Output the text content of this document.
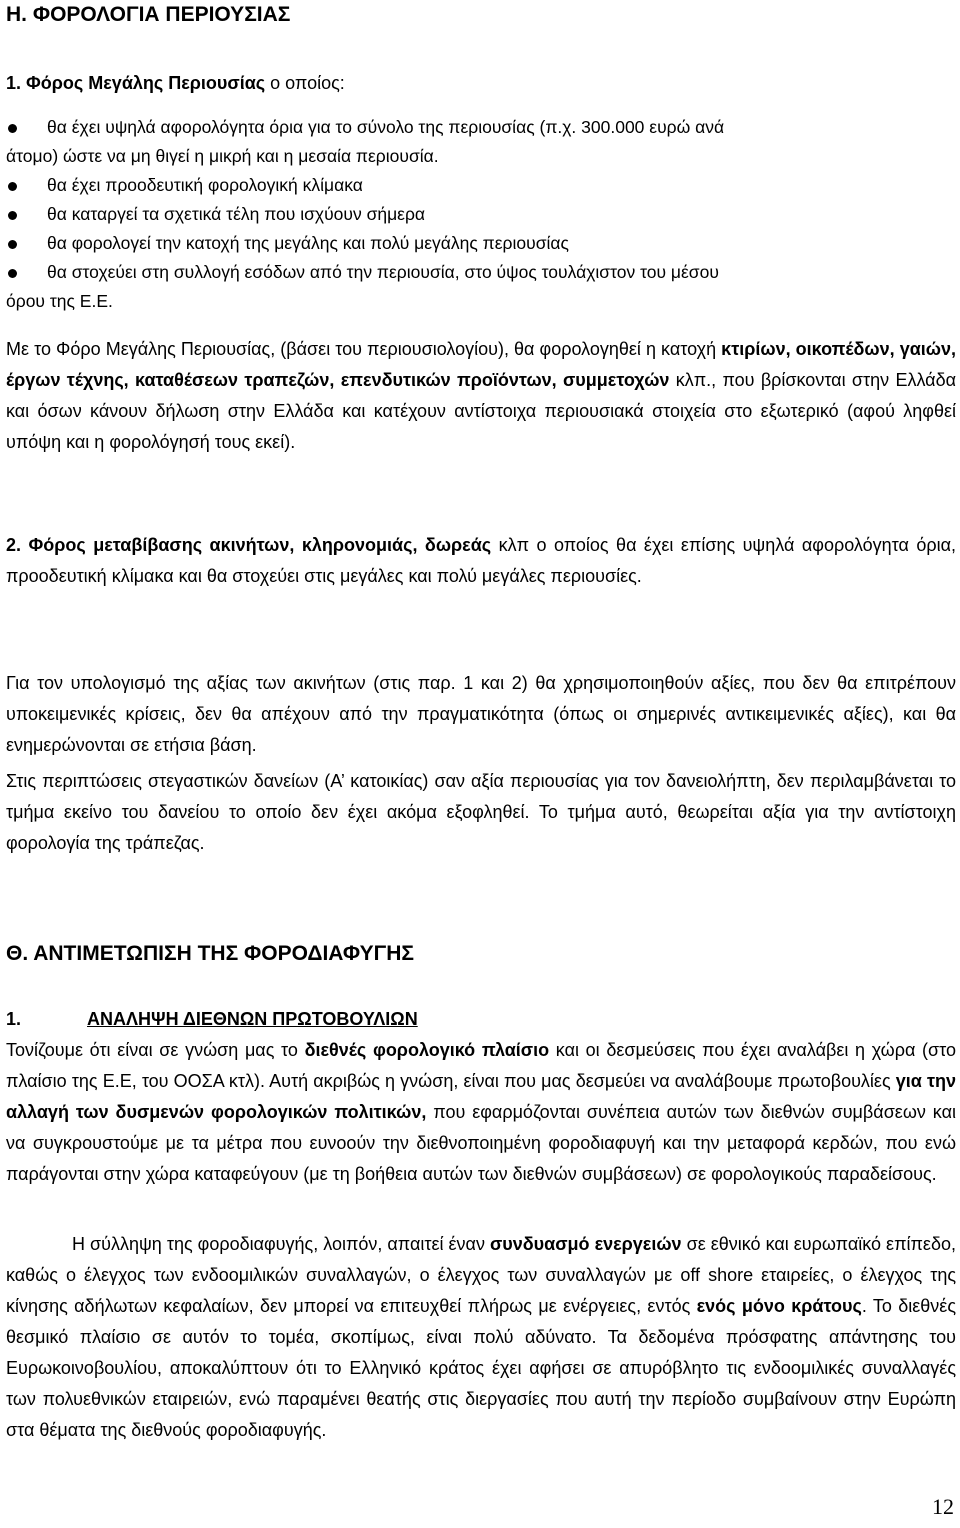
Η. ΦΟΡΟΛΟΓΙΑ ΠΕΡΙΟΥΣΙΑΣ
1. Φόρος Μεγάλης Περιουσίας ο οποίος:
θα έχει υψηλά αφορολόγητα όρια για το σύνολο της περιουσίας (π.χ. 300.000 ευρώ ανά
άτομο) ώστε να μη θιγεί η μικρή και η μεσαία περιουσία.
θα έχει προοδευτική φορολογική κλίμακα
θα καταργεί τα σχετικά τέλη που ισχύουν σήμερα
θα φορολογεί την κατοχή της μεγάλης και πολύ μεγάλης περιουσίας
θα στοχεύει στη συλλογή εσόδων από την περιουσία, στο ύψος τουλάχιστον του μέσου
όρου της Ε.Ε.

Με το Φόρο Μεγάλης Περιουσίας, (βάσει του περιουσιολογίου), θα φορολογηθεί η κατοχή κτιρίων, οικοπέδων, γαιών, έργων τέχνης, καταθέσεων τραπεζών, επενδυτικών προϊόντων, συμμετοχών κλπ., που βρίσκονται στην Ελλάδα και όσων κάνουν δήλωση στην Ελλάδα και κατέχουν αντίστοιχα περιουσιακά στοιχεία στο εξωτερικό (αφού ληφθεί υπόψη και η φορολόγησή τους εκεί).

2. Φόρος μεταβίβασης ακινήτων, κληρονομιάς, δωρεάς κλπ ο οποίος θα έχει επίσης υψηλά αφορολόγητα όρια, προοδευτική κλίμακα και θα στοχεύει στις μεγάλες και πολύ μεγάλες περιουσίες.

Για τον υπολογισμό της αξίας των ακινήτων (στις παρ. 1 και 2) θα χρησιμοποιηθούν αξίες, που δεν θα επιτρέπουν υποκειμενικές κρίσεις, δεν θα απέχουν από την πραγματικότητα (όπως οι σημερινές αντικειμενικές αξίες), και θα ενημερώνονται σε ετήσια βάση.

Στις περιπτώσεις στεγαστικών δανείων (Α’ κατοικίας) σαν αξία περιουσίας για τον δανειολήπτη, δεν περιλαμβάνεται το τμήμα εκείνο του δανείου το οποίο δεν έχει ακόμα εξοφληθεί. Το τμήμα αυτό, θεωρείται αξία για την αντίστοιχη φορολογία της τράπεζας.

Θ. ΑΝΤΙΜΕΤΩΠΙΣΗ ΤΗΣ ΦΟΡΟΔΙΑΦΥΓΗΣ
1.	ΑΝΑΛΗΨΗ ΔΙΕΘΝΩΝ ΠΡΩΤΟΒΟΥΛΙΩΝ

Τονίζουμε ότι είναι σε γνώση μας το διεθνές φορολογικό πλαίσιο και οι δεσμεύσεις που έχει αναλάβει η χώρα (στο πλαίσιο της Ε.Ε, του ΟΟΣΑ κτλ). Αυτή ακριβώς η γνώση, είναι που μας δεσμεύει να αναλάβουμε πρωτοβουλίες για την αλλαγή των δυσμενών φορολογικών πολιτικών, που εφαρμόζονται συνέπεια αυτών των διεθνών συμβάσεων και να συγκρουστούμε με τα μέτρα που ευνοούν την διεθνοποιημένη φοροδιαφυγή και την μεταφορά κερδών, που ενώ παράγονται στην χώρα καταφεύγουν (με τη βοήθεια αυτών των διεθνών συμβάσεων) σε φορολογικούς παραδείσους.

Η σύλληψη της φοροδιαφυγής, λοιπόν, απαιτεί έναν συνδυασμό ενεργειών σε εθνικό και ευρωπαϊκό επίπεδο, καθώς ο έλεγχος των ενδοομιλικών συναλλαγών, ο έλεγχος των συναλλαγών με off shore εταιρείες, ο έλεγχος της κίνησης αδήλωτων κεφαλαίων, δεν μπορεί να επιτευχθεί πλήρως με ενέργειες, εντός ενός μόνο κράτους. Το διεθνές θεσμικό πλαίσιο σε αυτόν το τομέα, σκοπίμως, είναι πολύ αδύνατο. Τα δεδομένα πρόσφατης απάντησης του Ευρωκοινοβουλίου, αποκαλύπτουν ότι το Ελληνικό κράτος έχει αφήσει σε απυρόβλητο τις ενδοομιλικές συναλλαγές των πολυεθνικών εταιρειών, ενώ παραμένει θεατής στις διεργασίες που αυτή την περίοδο συμβαίνουν στην Ευρώπη στα θέματα της διεθνούς φοροδιαφυγής.

12
